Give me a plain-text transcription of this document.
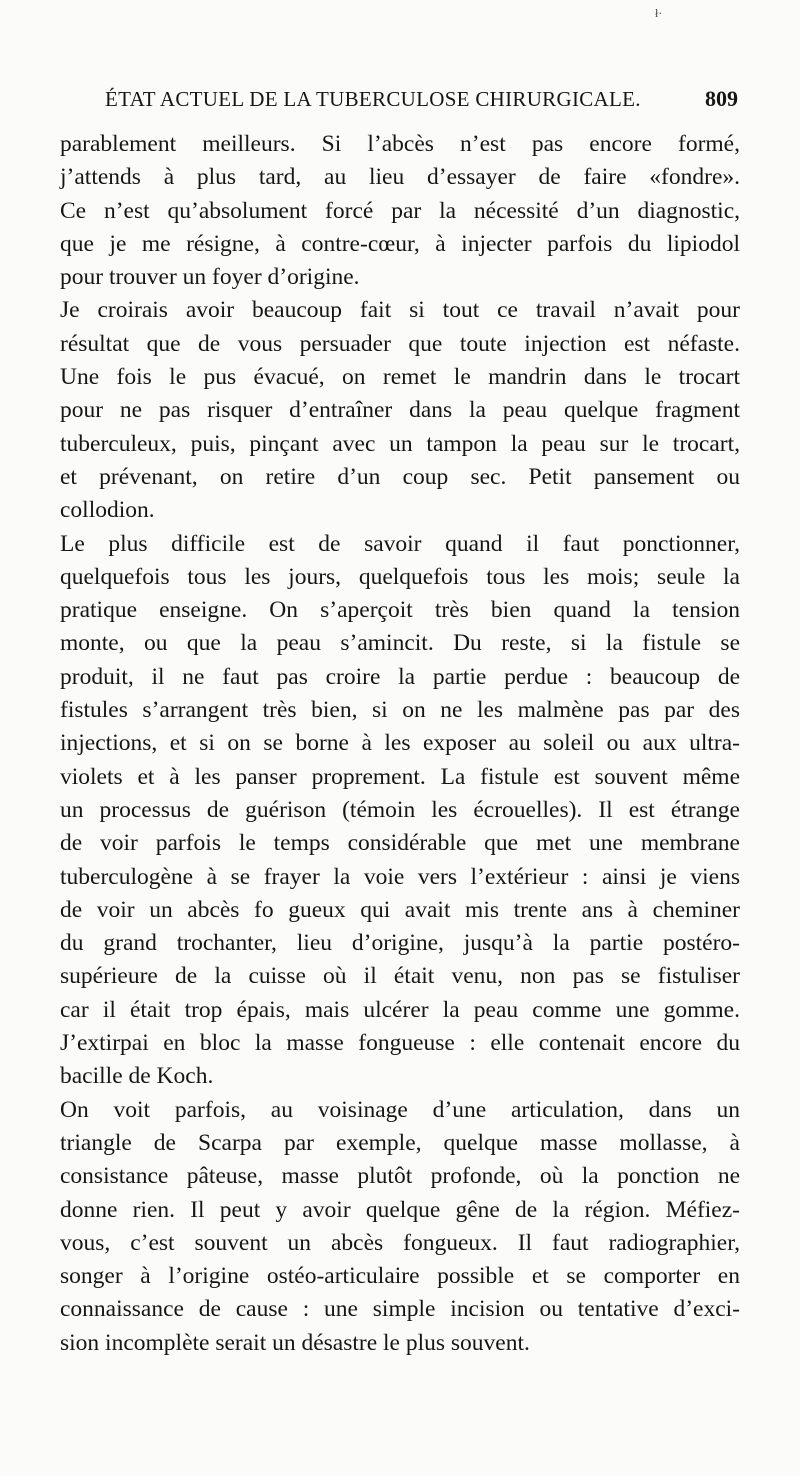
ł·
ÉTAT ACTUEL DE LA TUBERCULOSE CHIRURGICALE.	809
parablement meilleurs. Si l’abcès n’est pas encore formé,
j’attends à plus tard, au lieu d’essayer de faire «fondre».
Ce n’est qu’absolument forcé par la nécessité d’un diagnostic,
que je me résigne, à contre-cœur, à injecter parfois du lipiodol
pour trouver un foyer d’origine.
Je croirais avoir beaucoup fait si tout ce travail n’avait pour
résultat que de vous persuader que toute injection est néfaste.
Une fois le pus évacué, on remet le mandrin dans le trocart
pour ne pas risquer d’entraîner dans la peau quelque fragment
tuberculeux, puis, pinçant avec un tampon la peau sur le trocart,
et prévenant, on retire d’un coup sec. Petit pansement ou
collodion.
Le plus difficile est de savoir quand il faut ponctionner,
quelquefois tous les jours, quelquefois tous les mois; seule la
pratique enseigne. On s’aperçoit très bien quand la tension
monte, ou que la peau s’amincit. Du reste, si la fistule se
produit, il ne faut pas croire la partie perdue : beaucoup de
fistules s’arrangent très bien, si on ne les malmène pas par des
injections, et si on se borne à les exposer au soleil ou aux ultra-
violets et à les panser proprement. La fistule est souvent même
un processus de guérison (témoin les écrouelles). Il est étrange
de voir parfois le temps considérable que met une membrane
tuberculogène à se frayer la voie vers l’extérieur : ainsi je viens
de voir un abcès fo gueux qui avait mis trente ans à cheminer
du grand trochanter, lieu d’origine, jusqu’à la partie postéro-
supérieure de la cuisse où il était venu, non pas se fistuliser
car il était trop épais, mais ulcérer la peau comme une gomme.
J’extirpai en bloc la masse fongueuse : elle contenait encore du
bacille de Koch.
On voit parfois, au voisinage d’une articulation, dans un
triangle de Scarpa par exemple, quelque masse mollasse, à
consistance pâteuse, masse plutôt profonde, où la ponction ne
donne rien. Il peut y avoir quelque gêne de la région. Méfiez-
vous, c’est souvent un abcès fongueux. Il faut radiographier,
songer à l’origine ostéo-articulaire possible et se comporter en
connaissance de cause : une simple incision ou tentative d’exci-
sion incomplète serait un désastre le plus souvent.
